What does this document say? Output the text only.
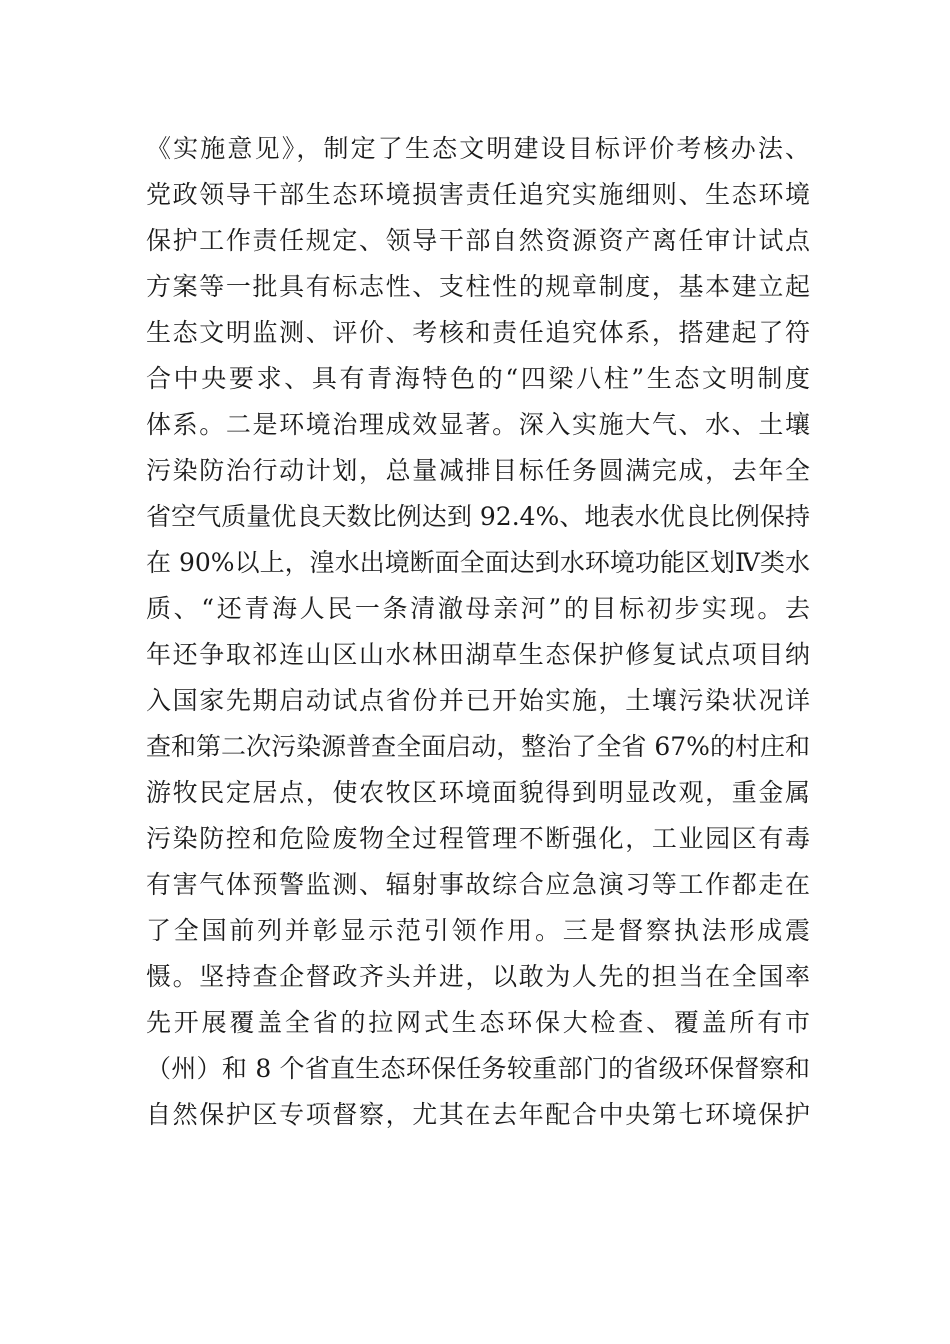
《实施意见》，制定了生态文明建设目标评价考核办法、
党政领导干部生态环境损害责任追究实施细则、生态环境
保护工作责任规定、领导干部自然资源资产离任审计试点
方案等一批具有标志性、支柱性的规章制度，基本建立起
生态文明监测、评价、考核和责任追究体系，搭建起了符
合中央要求、具有青海特色的“四梁八柱”生态文明制度
体系。二是环境治理成效显著。深入实施大气、水、土壤
污染防治行动计划，总量减排目标任务圆满完成，去年全
省空气质量优良天数比例达到 92.4%、地表水优良比例保持
在 90%以上，湟水出境断面全面达到水环境功能区划Ⅳ类水
质、“还青海人民一条清澈母亲河”的目标初步实现。去
年还争取祁连山区山水林田湖草生态保护修复试点项目纳
入国家先期启动试点省份并已开始实施，土壤污染状况详
查和第二次污染源普查全面启动，整治了全省 67%的村庄和
游牧民定居点，使农牧区环境面貌得到明显改观，重金属
污染防控和危险废物全过程管理不断强化，工业园区有毒
有害气体预警监测、辐射事故综合应急演习等工作都走在
了全国前列并彰显示范引领作用。三是督察执法形成震
慑。坚持查企督政齐头并进，以敢为人先的担当在全国率
先开展覆盖全省的拉网式生态环保大检查、覆盖所有市
（州）和 8 个省直生态环保任务较重部门的省级环保督察和
自然保护区专项督察，尤其在去年配合中央第七环境保护
